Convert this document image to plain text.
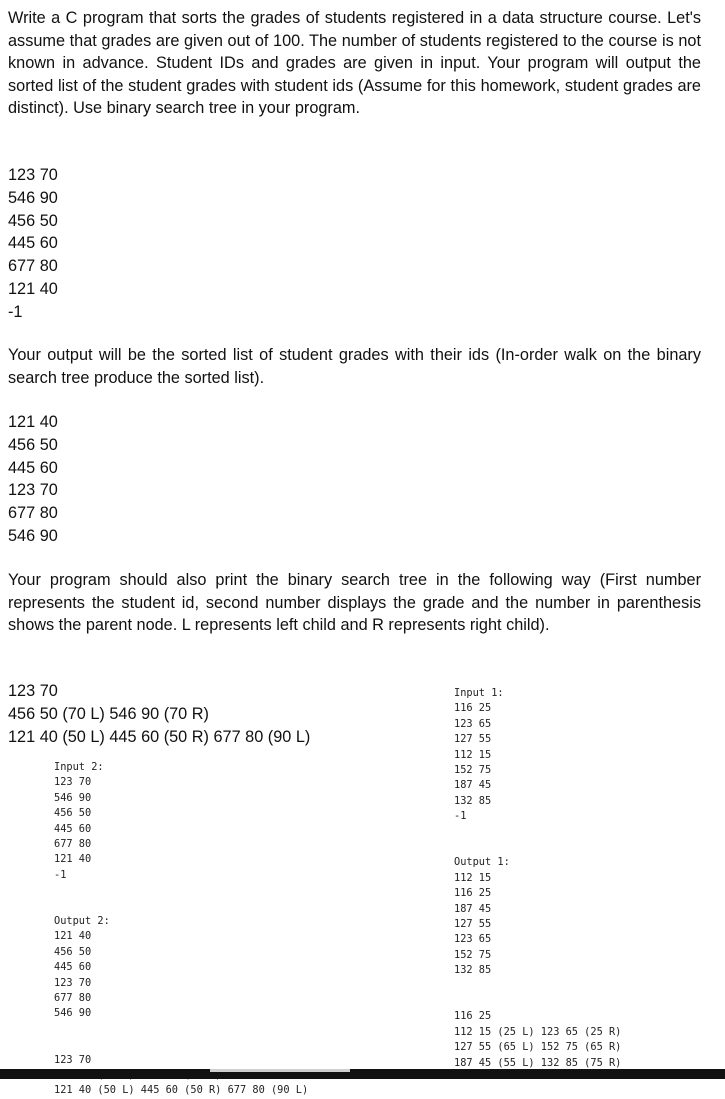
Write a C program that sorts the grades of students registered in a data structure course. Let's assume that grades are given out of 100. The number of students registered to the course is not known in advance. Student IDs and grades are given in input. Your program will output the sorted list of the student grades with student ids (Assume for this homework, student grades are distinct). Use binary search tree in your program.

123 70
546 90
456 50
445 60
677 80
121 40
-1

Your output will be the sorted list of student grades with their ids (In-order walk on the binary search tree produce the sorted list).

121 40
456 50
445 60
123 70
677 80
546 90

Your program should also print the binary search tree in the following way (First number represents the student id, second number displays the grade and the number in parenthesis shows the parent node. L represents left child and R represents right child).

123 70
456 50 (70 L) 546 90 (70 R)
121 40 (50 L) 445 60 (50 R) 677 80 (90 L)
Input 2:
123 70
546 90
456 50
445 60
677 80
121 40
-1
Output 2:
121 40
456 50
445 60
123 70
677 80
546 90
123 70
121 40 (50 L) 445 60 (50 R) 677 80 (90 L)
Input 1:
116 25
123 65
127 55
112 15
152 75
187 45
132 85
-1
Output 1:
112 15
116 25
187 45
127 55
123 65
152 75
132 85
116 25
112 15 (25 L) 123 65 (25 R)
127 55 (65 L) 152 75 (65 R)
187 45 (55 L) 132 85 (75 R)
